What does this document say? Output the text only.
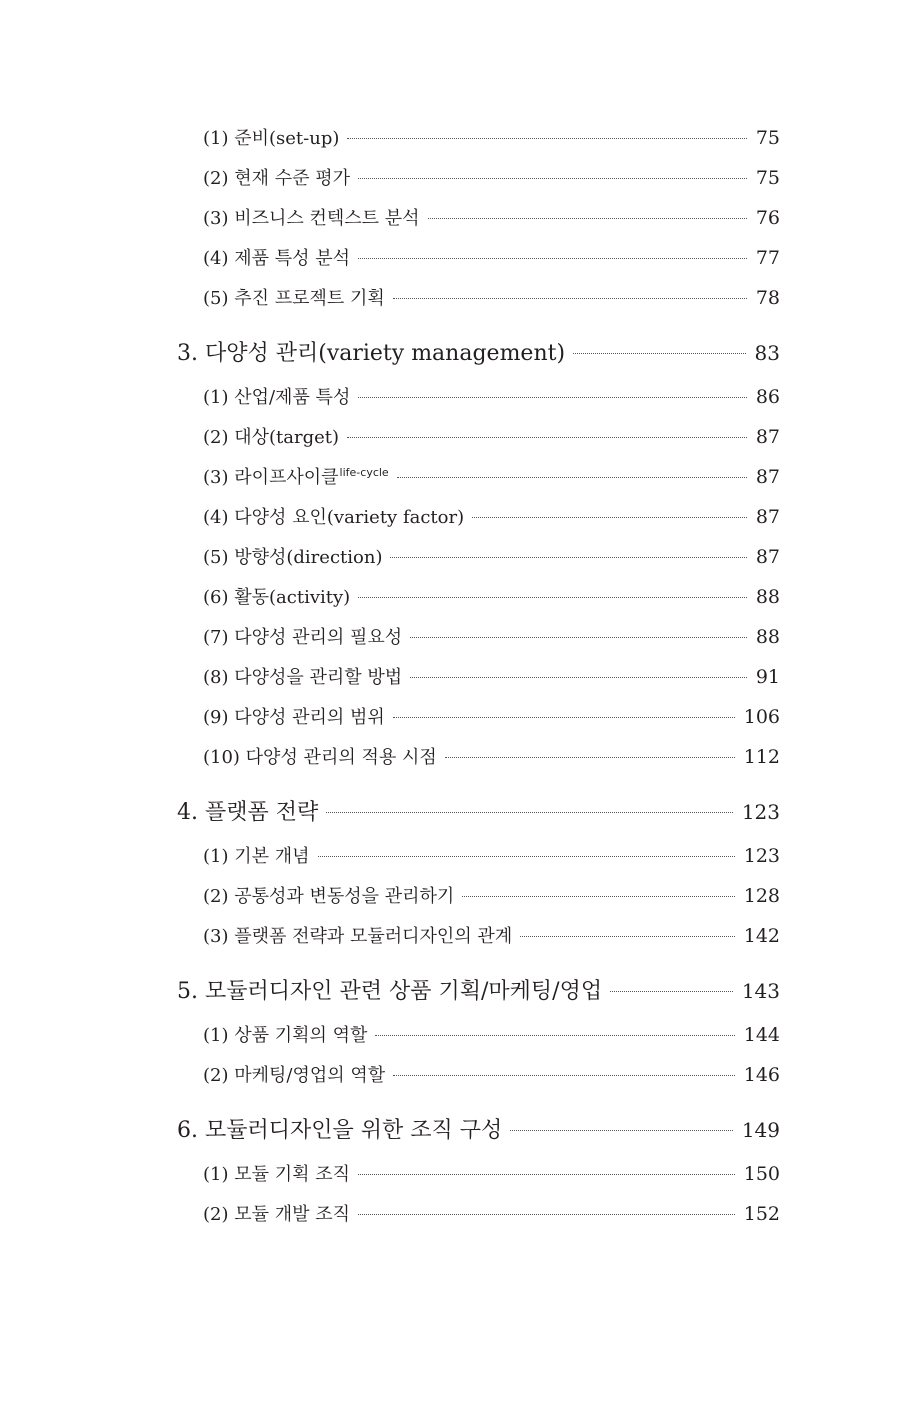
(1) 준비(set-up)	75
(2) 현재 수준 평가	75
(3) 비즈니스 컨텍스트 분석	76
(4) 제품 특성 분석	77
(5) 추진 프로젝트 기획	78
3. 다양성 관리(variety management)	83
(1) 산업/제품 특성	86
(2) 대상(target)	87
(3) 라이프사이클$^{life-cycle}$	87
(4) 다양성 요인(variety factor)	87
(5) 방향성(direction)	87
(6) 활동(activity)	88
(7) 다양성 관리의 필요성	88
(8) 다양성을 관리할 방법	91
(9) 다양성 관리의 범위	106
(10) 다양성 관리의 적용 시점	112
4. 플랫폼 전략	123
(1) 기본 개념	123
(2) 공통성과 변동성을 관리하기	128
(3) 플랫폼 전략과 모듈러디자인의 관계	142
5. 모듈러디자인 관련 상품 기획/마케팅/영업	143
(1) 상품 기획의 역할	144
(2) 마케팅/영업의 역할	146
6. 모듈러디자인을 위한 조직 구성	149
(1) 모듈 기획 조직	150
(2) 모듈 개발 조직	152
